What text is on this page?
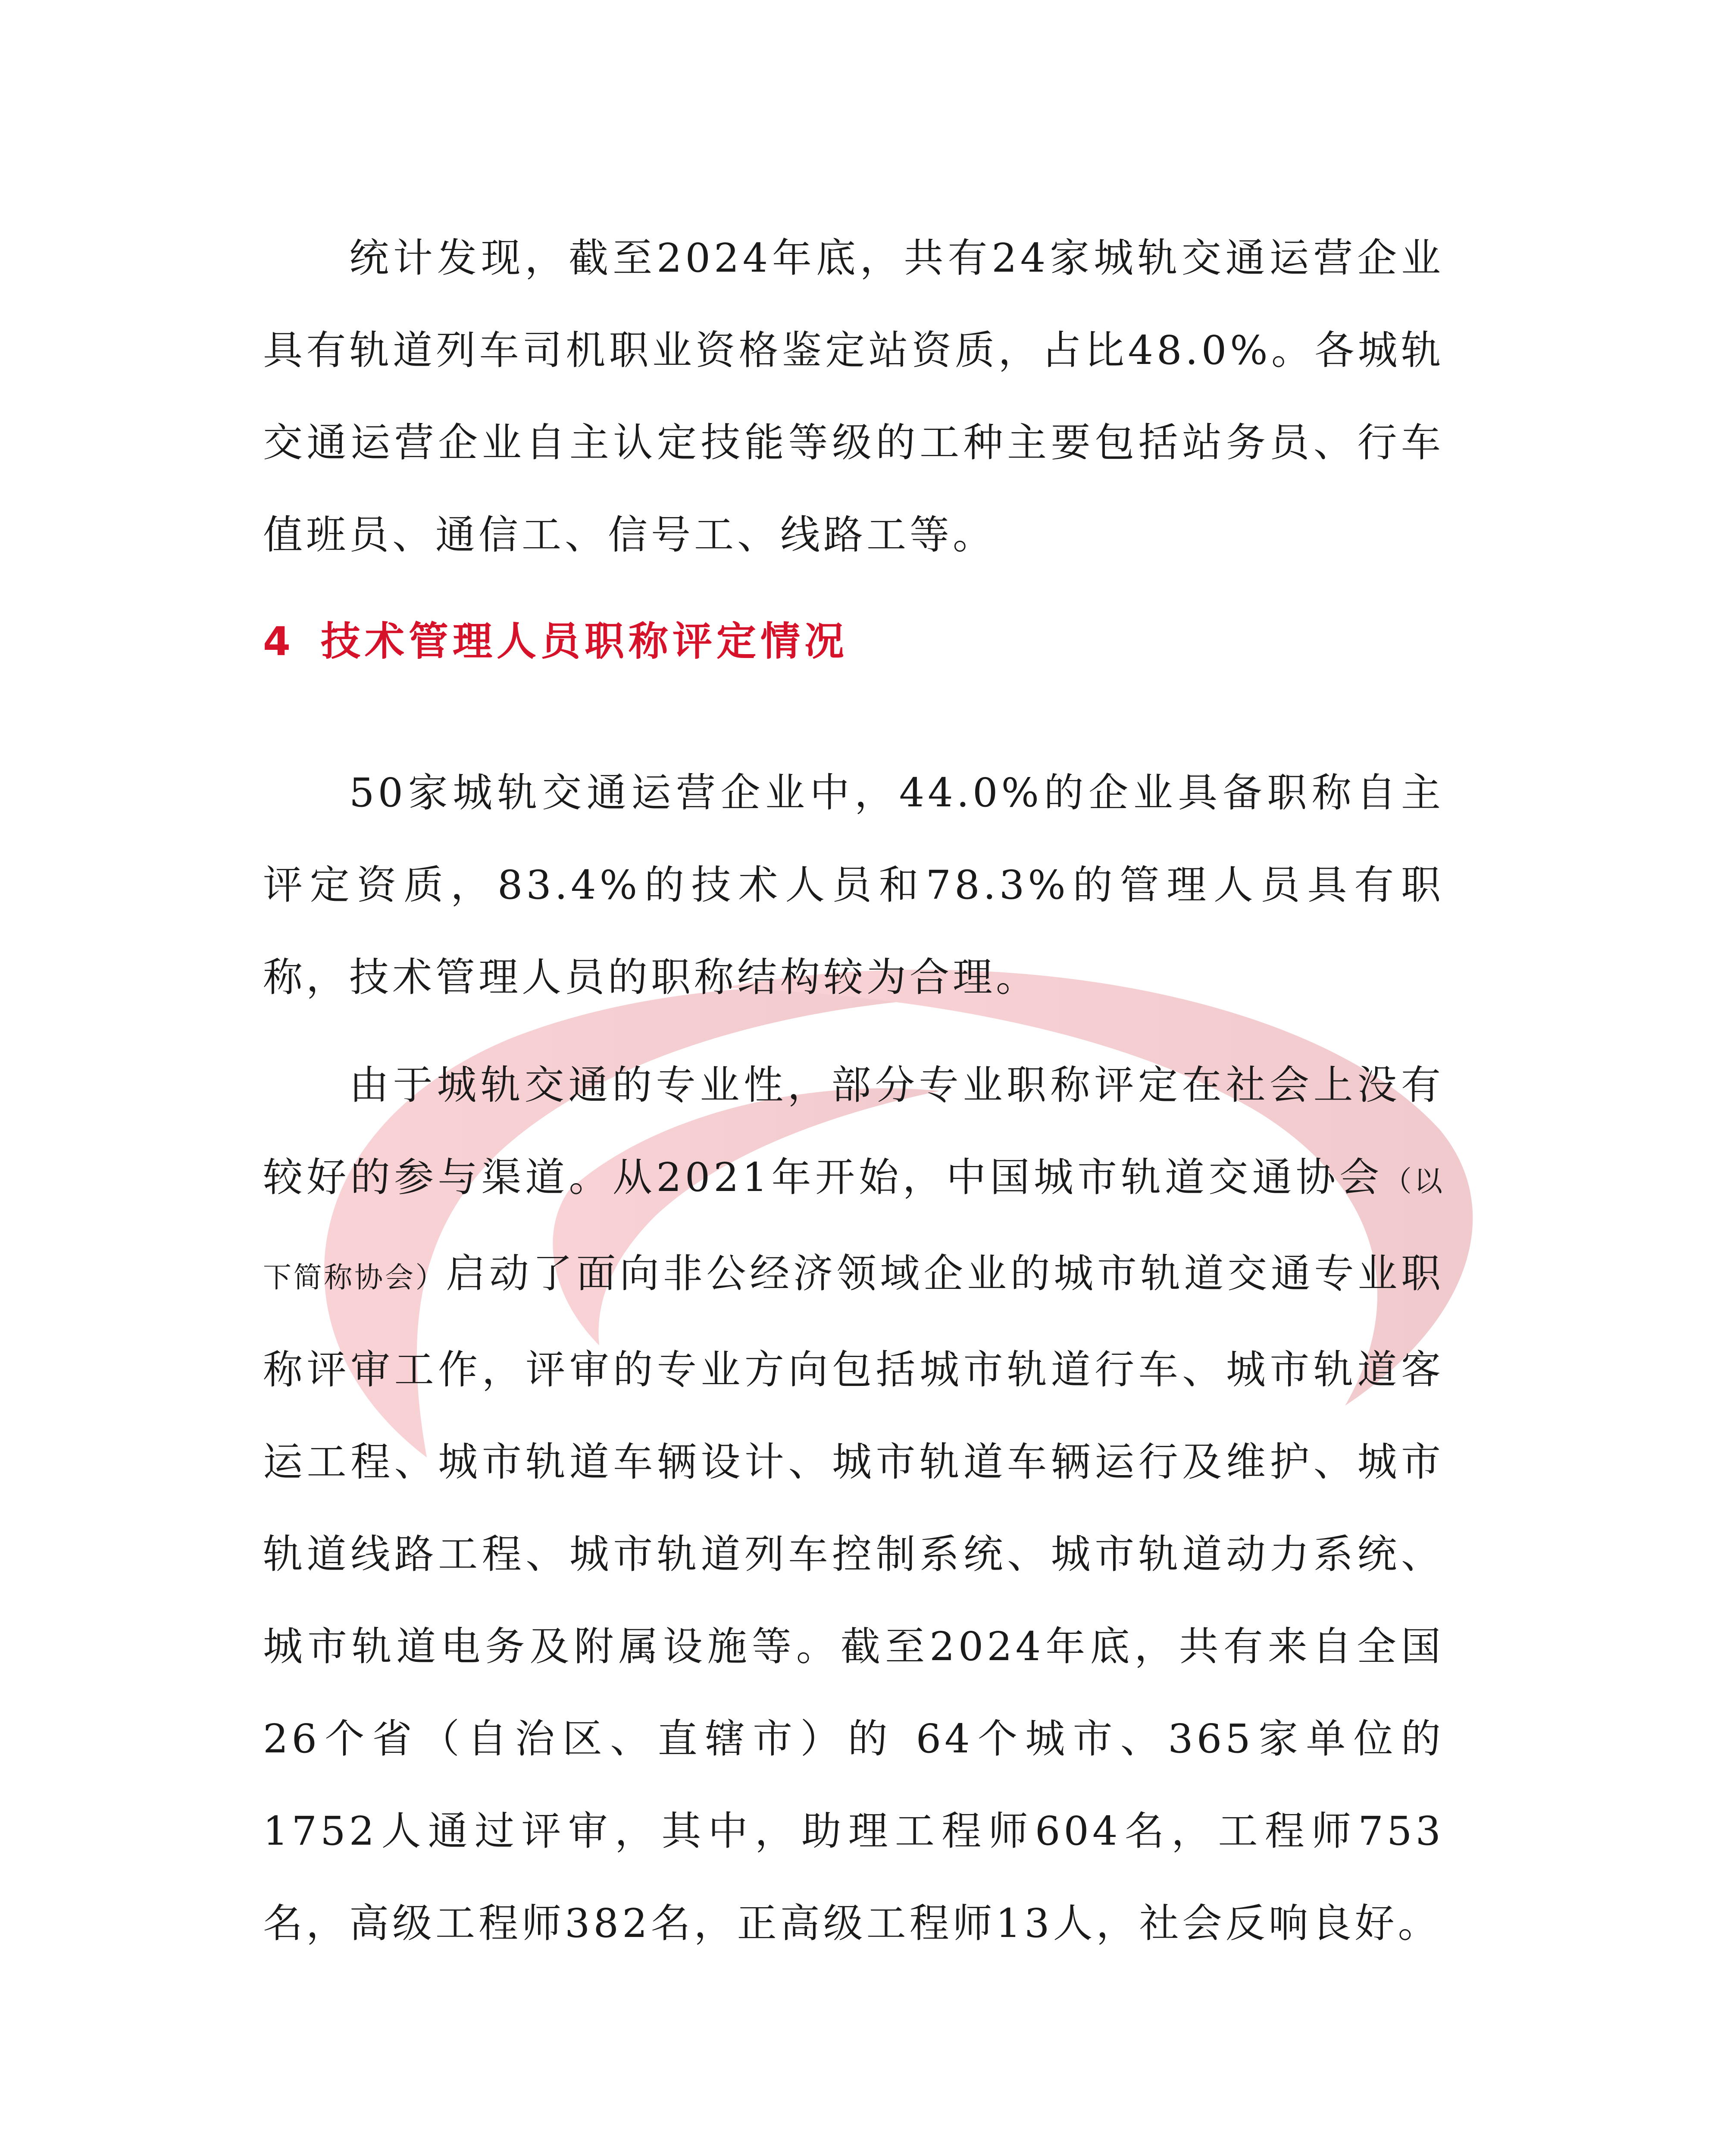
统计发现，截至2024年底，共有24家城轨交通运营企业具有轨道列车司机职业资格鉴定站资质，占比48.0%。各城轨交通运营企业自主认定技能等级的工种主要包括站务员、行车值班员、通信工、信号工、线路工等。

4 技术管理人员职称评定情况

50家城轨交通运营企业中，44.0%的企业具备职称自主评定资质，83.4%的技术人员和78.3%的管理人员具有职称，技术管理人员的职称结构较为合理。

由于城轨交通的专业性，部分专业职称评定在社会上没有较好的参与渠道。从2021年开始，中国城市轨道交通协会（以下简称协会）启动了面向非公经济领域企业的城市轨道交通专业职称评审工作，评审的专业方向包括城市轨道行车、城市轨道客运工程、城市轨道车辆设计、城市轨道车辆运行及维护、城市轨道线路工程、城市轨道列车控制系统、城市轨道动力系统、城市轨道电务及附属设施等。截至2024年底，共有来自全国26个省（自治区、直辖市）的 64个城市、365家单位的1752人通过评审，其中，助理工程师604名，工程师753名，高级工程师382名，正高级工程师13人，社会反响良好。
